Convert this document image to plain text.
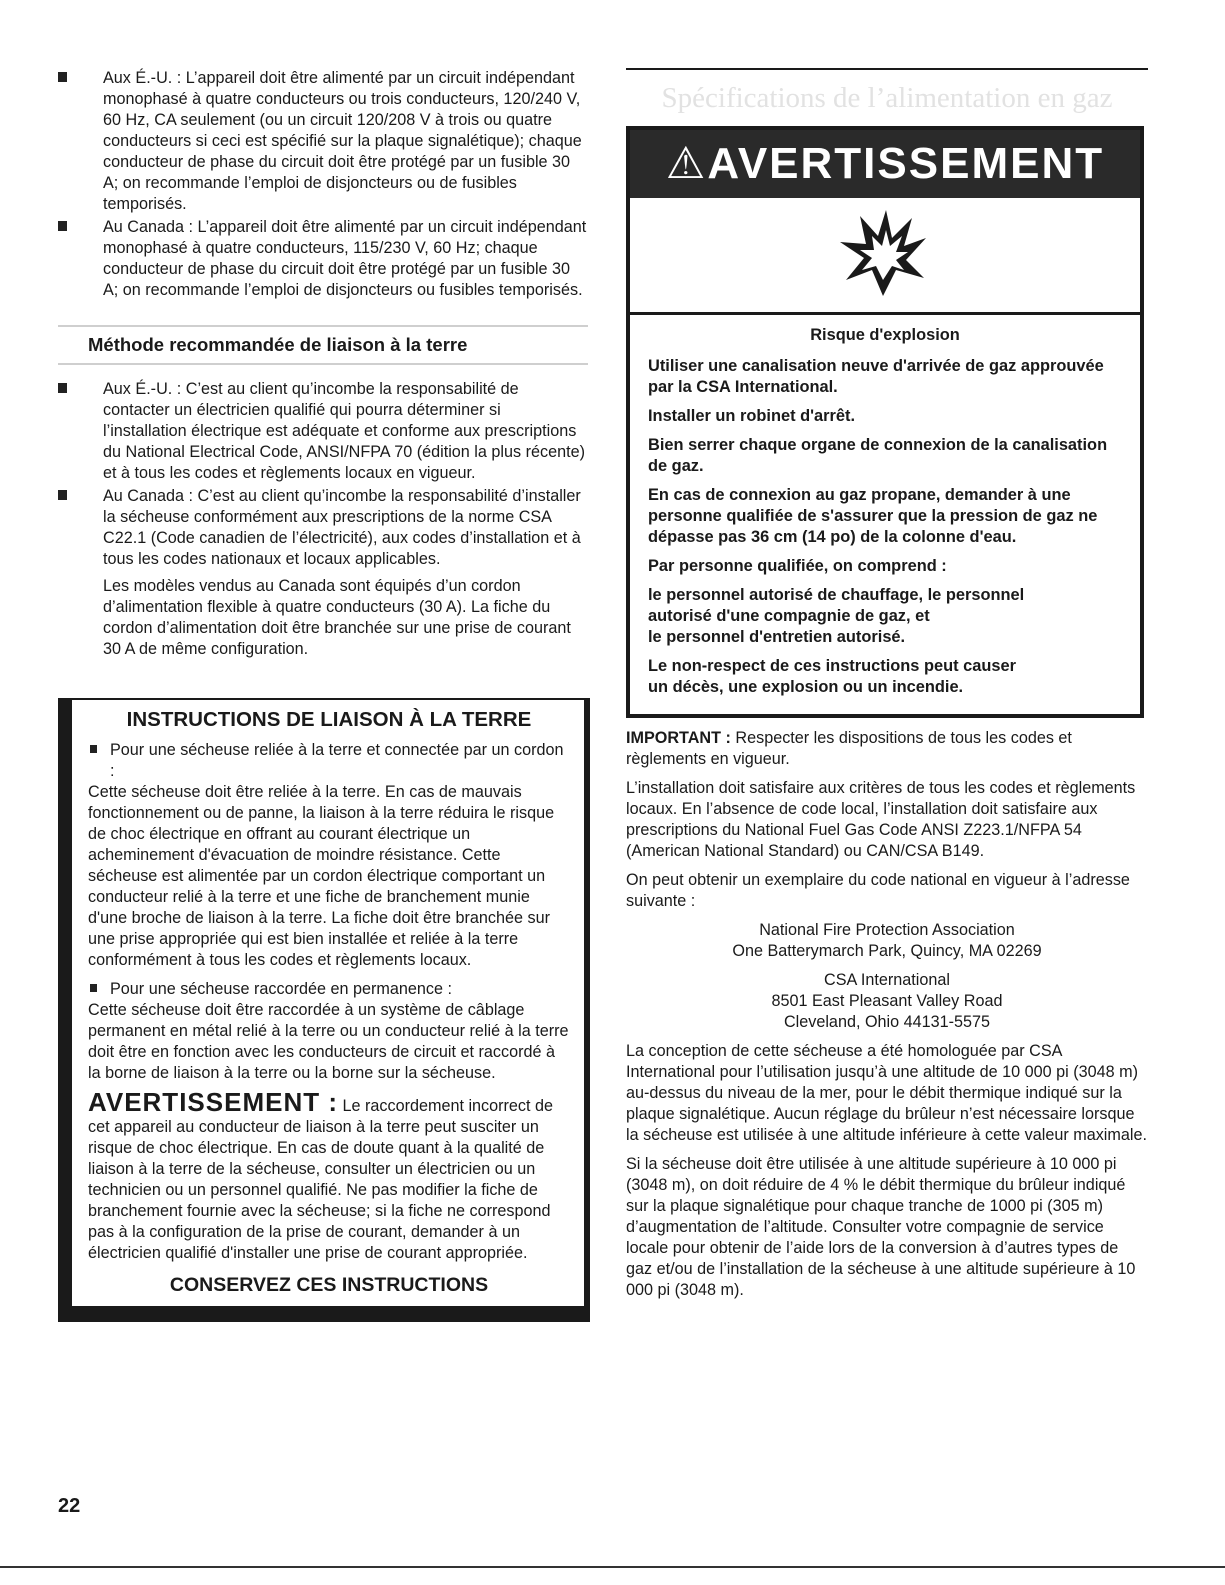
Aux É.-U. : L’appareil doit être alimenté par un circuit indépendant monophasé à quatre conducteurs ou trois conducteurs, 120/240 V, 60 Hz, CA seulement (ou un circuit 120/208 V à trois ou quatre conducteurs si ceci est spécifié sur la plaque signalétique); chaque conducteur de phase du circuit doit être protégé par un fusible 30 A; on recommande l’emploi de disjoncteurs ou de fusibles temporisés.
Au Canada : L’appareil doit être alimenté par un circuit indépendant monophasé à quatre conducteurs, 115/230 V, 60 Hz; chaque conducteur de phase du circuit doit être protégé par un fusible 30 A; on recommande l’emploi de disjoncteurs ou fusibles temporisés.
Méthode recommandée de liaison à la terre
Aux É.-U. : C’est au client qu’incombe la responsabilité de contacter un électricien qualifié qui pourra déterminer si l’installation électrique est adéquate et conforme aux prescriptions du National Electrical Code, ANSI/NFPA 70 (édition la plus récente) et à tous les codes et règlements locaux en vigueur.
Au Canada : C’est au client qu’incombe la responsabilité d’installer la sécheuse conformément aux prescriptions de la norme CSA C22.1 (Code canadien de l’électricité), aux codes d’installation et à tous les codes nationaux et locaux applicables.
Les modèles vendus au Canada sont équipés d’un cordon d’alimentation flexible à quatre conducteurs (30 A). La fiche du cordon d’alimentation doit être branchée sur une prise de courant 30 A de même configuration.
INSTRUCTIONS DE LIAISON À LA TERRE
Pour une sécheuse reliée à la terre et connectée par un cordon :

Cette sécheuse doit être reliée à la terre. En cas de mauvais fonctionnement ou de panne, la liaison à la terre réduira le risque de choc électrique en offrant au courant électrique un acheminement d'évacuation de moindre résistance. Cette sécheuse est alimentée par un cordon électrique comportant un conducteur relié à la terre et une fiche de branchement munie d'une broche de liaison à la terre. La fiche doit être branchée sur une prise appropriée qui est bien installée et reliée à la terre conformément à tous les codes et règlements locaux.

Pour une sécheuse raccordée en permanence :

Cette sécheuse doit être raccordée à un système de câblage permanent en métal relié à la terre ou un conducteur relié à la terre doit être en fonction avec les conducteurs de circuit et raccordé à la borne de liaison à la terre ou la borne sur la sécheuse.

AVERTISSEMENT : Le raccordement incorrect de cet appareil au conducteur de liaison à la terre peut susciter un risque de choc électrique. En cas de doute quant à la qualité de liaison à la terre de la sécheuse, consulter un électricien ou un technicien ou un personnel qualifié. Ne pas modifier la fiche de branchement fournie avec la sécheuse; si la fiche ne correspond pas à la configuration de la prise de courant, demander à un électricien qualifié d'installer une prise de courant appropriée.

CONSERVEZ CES INSTRUCTIONS
Spécifications de l’alimentation en gaz
⚠AVERTISSEMENT
Risque d'explosion

Utiliser une canalisation neuve d'arrivée de gaz approuvée par la CSA International.

Installer un robinet d'arrêt.

Bien serrer chaque organe de connexion de la canalisation de gaz.

En cas de connexion au gaz propane, demander à une personne qualifiée de s'assurer que la pression de gaz ne dépasse pas 36 cm (14 po) de la colonne d'eau.

Par personne qualifiée, on comprend :

le personnel autorisé de chauffage, le personnel
autorisé d'une compagnie de gaz, et
le personnel d'entretien autorisé.

Le non-respect de ces instructions peut causer
un décès, une explosion ou un incendie.

IMPORTANT : Respecter les dispositions de tous les codes et règlements en vigueur.

L’installation doit satisfaire aux critères de tous les codes et règlements locaux. En l’absence de code local, l’installation doit satisfaire aux prescriptions du National Fuel Gas Code ANSI Z223.1/NFPA 54 (American National Standard) ou CAN/CSA B149.

On peut obtenir un exemplaire du code national en vigueur à l’adresse suivante :

National Fire Protection Association
One Batterymarch Park, Quincy, MA 02269

CSA International
8501 East Pleasant Valley Road
Cleveland, Ohio 44131-5575

La conception de cette sécheuse a été homologuée par CSA International pour l’utilisation jusqu’à une altitude de 10 000 pi (3048 m) au-dessus du niveau de la mer, pour le débit thermique indiqué sur la plaque signalétique. Aucun réglage du brûleur n’est nécessaire lorsque la sécheuse est utilisée à une altitude inférieure à cette valeur maximale.

Si la sécheuse doit être utilisée à une altitude supérieure à 10 000 pi (3048 m), on doit réduire de 4 % le débit thermique du brûleur indiqué sur la plaque signalétique pour chaque tranche de 1000 pi (305 m) d’augmentation de l’altitude. Consulter votre compagnie de service locale pour obtenir de l’aide lors de la conversion à d’autres types de gaz et/ou de l’installation de la sécheuse à une altitude supérieure à 10 000 pi (3048 m).

22
